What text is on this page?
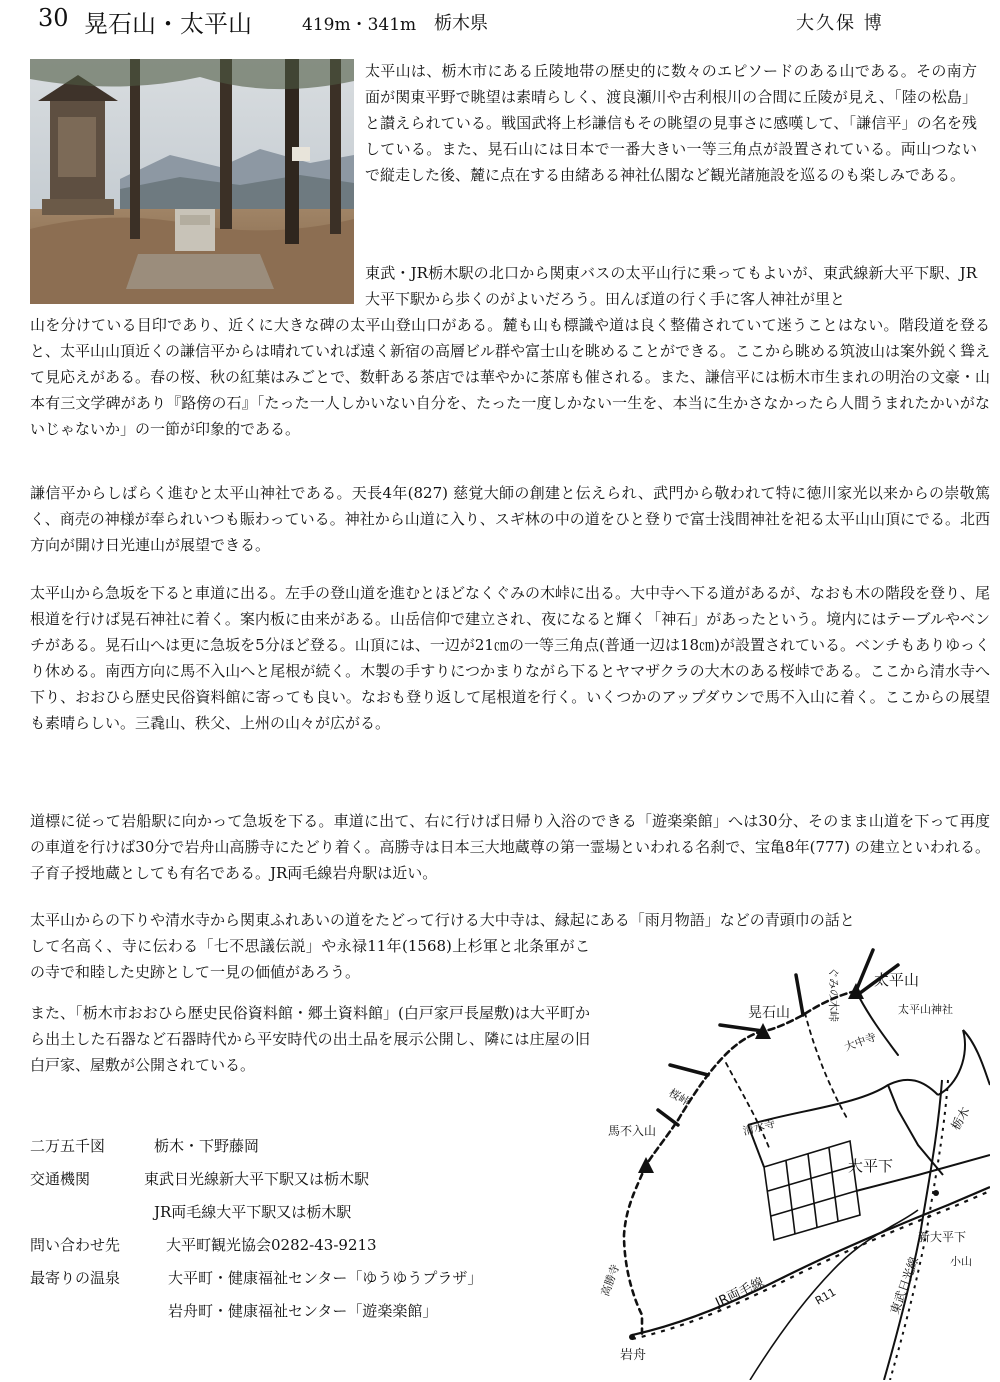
30 晃石山・太平山	419m・341m 栃木県	大久保 博

太平山は、栃木市にある丘陵地帯の歴史的に数々のエピソードのある山である。その南方面が関東平野で眺望は素晴らしく、渡良瀬川や古利根川の合間に丘陵が見え、「陸の松島」と讃えられている。戦国武将上杉謙信もその眺望の見事さに感嘆して、「謙信平」の名を残している。また、晃石山には日本で一番大きい一等三角点が設置されている。両山つないで縦走した後、麓に点在する由緒ある神社仏閣など観光諸施設を巡るのも楽しみである。

東武・JR栃木駅の北口から関東バスの太平山行に乗ってもよいが、東武線新大平下駅、JR大平下駅から歩くのがよいだろう。田んぼ道の行く手に客人神社が里と

山を分けている目印であり、近くに大きな碑の太平山登山口がある。麓も山も標識や道は良く整備されていて迷うことはない。階段道を登ると、太平山山頂近くの謙信平からは晴れていれば遠く新宿の高層ビル群や富士山を眺めることができる。ここから眺める筑波山は案外鋭く聳えて見応えがある。春の桜、秋の紅葉はみごとで、数軒ある茶店では華やかに茶席も催される。また、謙信平には栃木市生まれの明治の文豪・山本有三文学碑があり『路傍の石』「たった一人しかいない自分を、たった一度しかない一生を、本当に生かさなかったら人間うまれたかいがないじゃないか」の一節が印象的である。

謙信平からしばらく進むと太平山神社である。天長4年(827) 慈覚大師の創建と伝えられ、武門から敬われて特に徳川家光以来からの崇敬篤く、商売の神様が奉られいつも賑わっている。神社から山道に入り、スギ林の中の道をひと登りで富士浅間神社を祀る太平山山頂にでる。北西方向が開け日光連山が展望できる。

太平山から急坂を下ると車道に出る。左手の登山道を進むとほどなくぐみの木峠に出る。大中寺へ下る道があるが、なおも木の階段を登り、尾根道を行けば晃石神社に着く。案内板に由来がある。山岳信仰で建立され、夜になると輝く「神石」があったという。境内にはテーブルやベンチがある。晃石山へは更に急坂を5分ほど登る。山頂には、一辺が21㎝の一等三角点(普通一辺は18㎝)が設置されている。ベンチもありゆっくり休める。南西方向に馬不入山へと尾根が続く。木製の手すりにつかまりながら下るとヤマザクラの大木のある桜峠である。ここから清水寺へ下り、おおひら歴史民俗資料館に寄っても良い。なおも登り返して尾根道を行く。いくつかのアップダウンで馬不入山に着く。ここからの展望も素晴らしい。三毳山、秩父、上州の山々が広がる。

道標に従って岩船駅に向かって急坂を下る。車道に出て、右に行けば日帰り入浴のできる「遊楽楽館」へは30分、そのまま山道を下って再度の車道を行けば30分で岩舟山高勝寺にたどり着く。高勝寺は日本三大地蔵尊の第一霊場といわれる名刹で、宝亀8年(777) の建立といわれる。子育子授地蔵としても有名である。JR両毛線岩舟駅は近い。

太平山からの下りや清水寺から関東ふれあいの道をたどって行ける大中寺は、縁起にある「雨月物語」などの青頭巾の話と

して名高く、寺に伝わる「七不思議伝説」や永禄11年(1568)上杉軍と北条軍がこの寺で和睦した史跡として一見の価値があろう。

また、「栃木市おおひら歴史民俗資料館・郷土資料館」(白戸家戸長屋敷)は大平町から出土した石器など石器時代から平安時代の出土品を展示公開し、隣には庄屋の旧白戸家、屋敷が公開されている。

二万五千図	栃木・下野藤岡
交通機関	東武日光線新大平下駅又は栃木駅
JR両毛線大平下駅又は栃木駅
問い合わせ先	大平町観光協会0282-43-9213
最寄りの温泉	大平町・健康福祉センター「ゆうゆうプラザ」
岩舟町・健康福祉センター「遊楽楽館」
太平山
晃石山	太平山神社
ぐみの木峠
大中寺
桜峠
清水寺
馬不入山
大平下
新大平下
高勝寺
岩舟
JR両毛線	東武日光線
R11
小山
栃木
